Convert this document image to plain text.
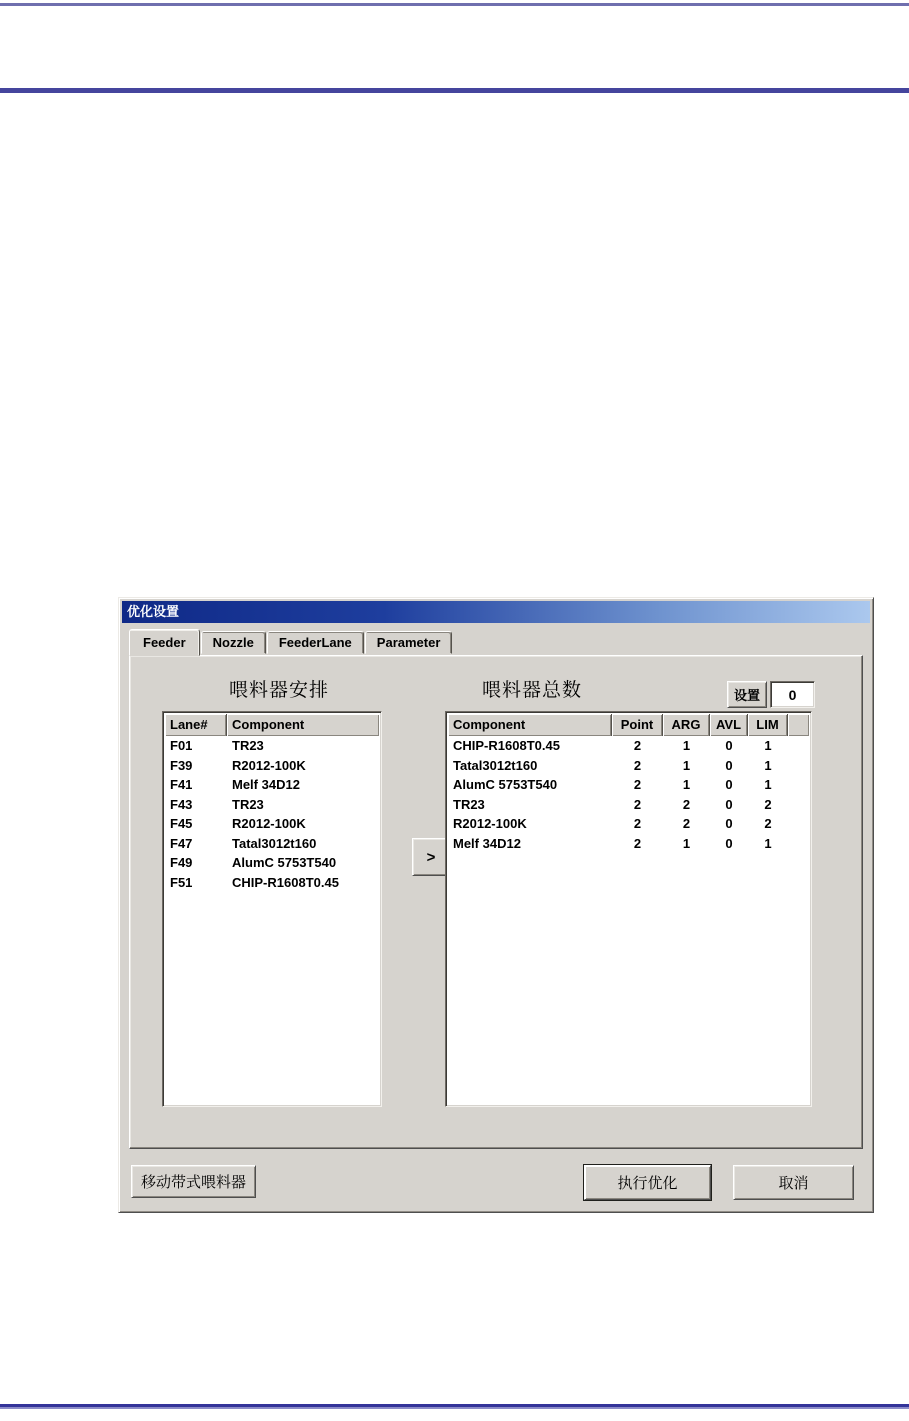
优化设置
Feeder	Nozzle	FeederLane	Parameter
喂料器安排	喂料器总数	设置	0
Lane#	Component
F01	TR23
F39	R2012-100K
F41	Melf 34D12
F43	TR23
F45	R2012-100K
F47	Tatal3012t160
F49	AlumC 5753T540
F51	CHIP-R1608T0.45
>
Component	Point	ARG	AVL	LIM
CHIP-R1608T0.45	2	1	0	1
Tatal3012t160	2	1	0	1
AlumC 5753T540	2	1	0	1
TR23	2	2	0	2
R2012-100K	2	2	0	2
Melf 34D12	2	1	0	1
移动带式喂料器	执行优化	取消
